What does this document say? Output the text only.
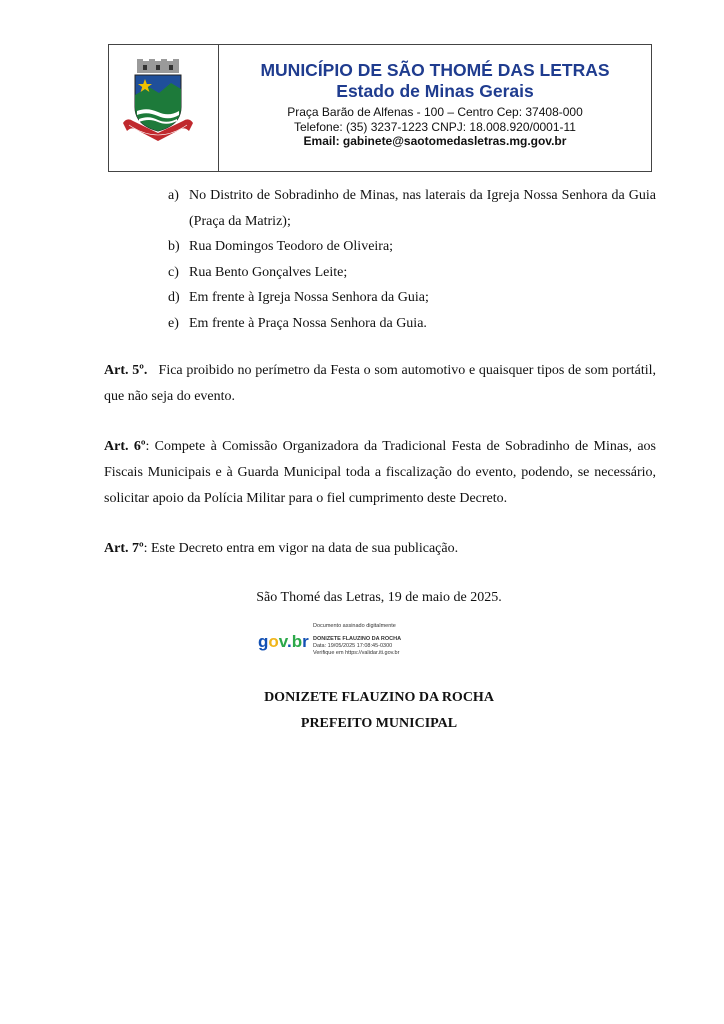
MUNICÍPIO DE SÃO THOMÉ DAS LETRAS
Estado de Minas Gerais
Praça Barão de Alfenas - 100 – Centro Cep: 37408-000
Telefone: (35) 3237-1223 CNPJ: 18.008.920/0001-11
Email: gabinete@saotomedasletras.mg.gov.br
a) No Distrito de Sobradinho de Minas, nas laterais da Igreja Nossa Senhora da Guia (Praça da Matriz);
b) Rua Domingos Teodoro de Oliveira;
c) Rua Bento Gonçalves Leite;
d) Em frente à Igreja Nossa Senhora da Guia;
e) Em frente à Praça Nossa Senhora da Guia.

Art. 5º. Fica proibido no perímetro da Festa o som automotivo e quaisquer tipos de som portátil, que não seja do evento.

Art. 6º: Compete à Comissão Organizadora da Tradicional Festa de Sobradinho de Minas, aos Fiscais Municipais e à Guarda Municipal toda a fiscalização do evento, podendo, se necessário, solicitar apoio da Polícia Militar para o fiel cumprimento deste Decreto.

Art. 7º: Este Decreto entra em vigor na data de sua publicação.

São Thomé das Letras, 19 de maio de 2025.
gov.br
Documento assinado digitalmente
DONIZETE FLAUZINO DA ROCHA
Data: 19/05/2025 17:08:45-0300
Verifique em https://validar.iti.gov.br
DONIZETE FLAUZINO DA ROCHA
PREFEITO MUNICIPAL
